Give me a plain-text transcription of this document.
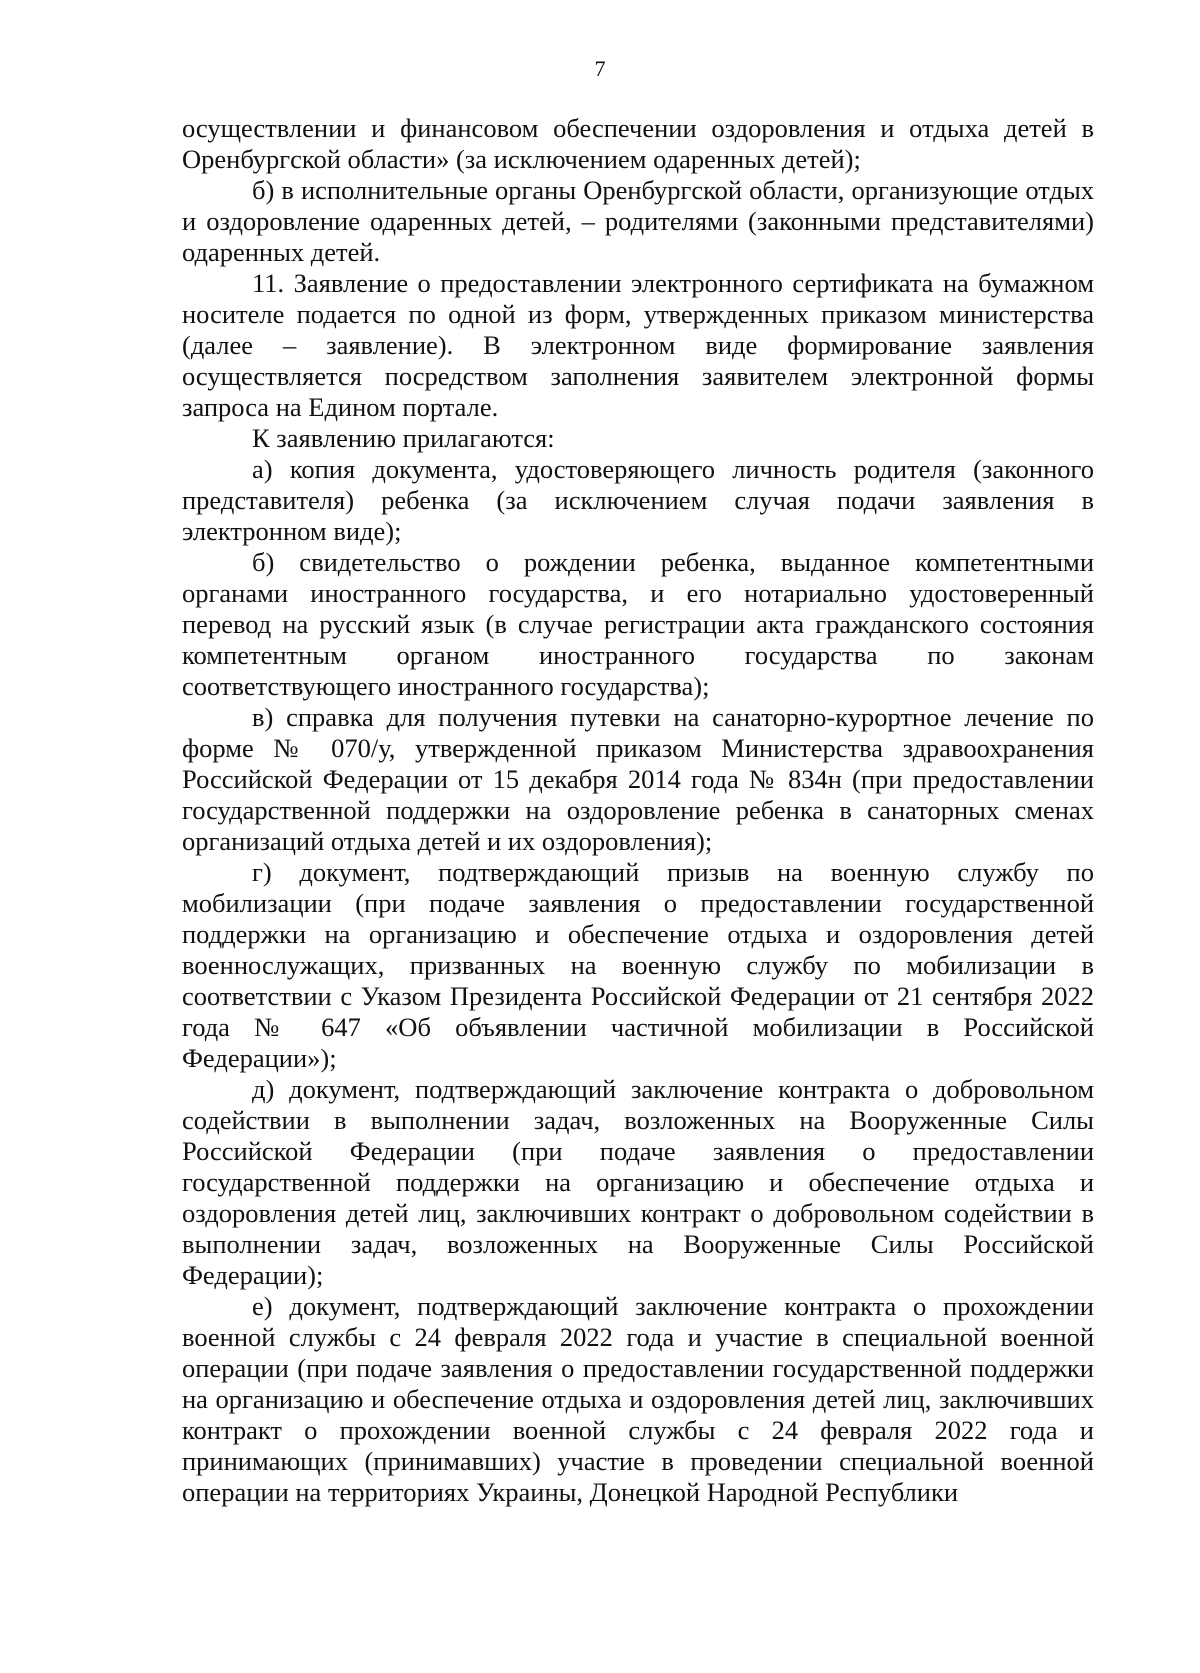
7

осуществлении и финансовом обеспечении оздоровления и отдыха детей в Оренбургской области» (за исключением одаренных детей);

б) в исполнительные органы Оренбургской области, организующие отдых и оздоровление одаренных детей, – родителями (законными представителями) одаренных детей.

11. Заявление о предоставлении электронного сертификата на бумажном носителе подается по одной из форм, утвержденных приказом министерства (далее – заявление). В электронном виде формирование заявления осуществляется посредством заполнения заявителем электронной формы запроса на Едином портале.

К заявлению прилагаются:

а) копия документа, удостоверяющего личность родителя (законного представителя) ребенка (за исключением случая подачи заявления в электронном виде);

б) свидетельство о рождении ребенка, выданное компетентными органами иностранного государства, и его нотариально удостоверенный перевод на русский язык (в случае регистрации акта гражданского состояния компетентным органом иностранного государства по законам соответствующего иностранного государства);

в) справка для получения путевки на санаторно-курортное лечение по форме № 070/у, утвержденной приказом Министерства здравоохранения Российской Федерации от 15 декабря 2014 года № 834н (при предоставлении государственной поддержки на оздоровление ребенка в санаторных сменах организаций отдыха детей и их оздоровления);

г) документ, подтверждающий призыв на военную службу по мобилизации (при подаче заявления о предоставлении государственной поддержки на организацию и обеспечение отдыха и оздоровления детей военнослужащих, призванных на военную службу по мобилизации в соответствии с Указом Президента Российской Федерации от 21 сентября 2022 года № 647 «Об объявлении частичной мобилизации в Российской Федерации»);

д) документ, подтверждающий заключение контракта о добровольном содействии в выполнении задач, возложенных на Вооруженные Силы Российской Федерации (при подаче заявления о предоставлении государственной поддержки на организацию и обеспечение отдыха и оздоровления детей лиц, заключивших контракт о добровольном содействии в выполнении задач, возложенных на Вооруженные Силы Российской Федерации);

е) документ, подтверждающий заключение контракта о прохождении военной службы с 24 февраля 2022 года и участие в специальной военной операции (при подаче заявления о предоставлении государственной поддержки на организацию и обеспечение отдыха и оздоровления детей лиц, заключивших контракт о прохождении военной службы с 24 февраля 2022 года и принимающих (принимавших) участие в проведении специальной военной операции на территориях Украины, Донецкой Народной Республики
